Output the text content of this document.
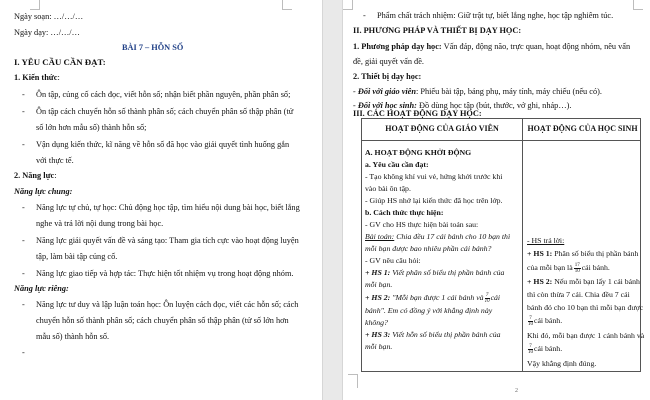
Ngày soạn: …/…/…
Ngày dạy: …/…/…
BÀI 7 – HỖN SỐ
I. YÊU CẦU CẦN ĐẠT:
1. Kiến thức:
- Ôn tập, củng cố cách đọc, viết hỗn số; nhận biết phần nguyên, phần phân số;
- Ôn tập cách chuyển hỗn số thành phân số; cách chuyển phân số thập phân (tử
số lớn hơn mẫu số) thành hỗn số;
- Vận dụng kiến thức, kĩ năng về hỗn số đã học vào giải quyết tình huống gắn
với thực tế.
2. Năng lực:
Năng lực chung:
- Năng lực tự chủ, tự học: Chủ động học tập, tìm hiểu nội dung bài học, biết lắng
nghe và trả lời nội dung trong bài học.
- Năng lực giải quyết vấn đề và sáng tạo: Tham gia tích cực vào hoạt động luyện
tập, làm bài tập củng cố.
- Năng lực giao tiếp và hợp tác: Thực hiện tốt nhiệm vụ trong hoạt động nhóm.
Năng lực riêng:
- Năng lực tư duy và lập luận toán học: Ôn luyện cách đọc, viết các hỗn số; cách
chuyển hỗn số thành phân số; cách chuyển phân số thập phân (tử số lớn hơn
mẫu số) thành hỗn số.
- Phẩm chất trách nhiệm: Giữ trật tự, biết lắng nghe, học tập nghiêm túc.
II. PHƯƠNG PHÁP VÀ THIẾT BỊ DẠY HỌC:
1. Phương pháp dạy học: Vấn đáp, động não, trực quan, hoạt động nhóm, nêu vấn
đề, giải quyết vấn đề.
2. Thiết bị dạy học:
- Đối với giáo viên: Phiếu bài tập, bảng phụ, máy tính, máy chiếu (nếu có).
- Đối với học sinh: Đồ dùng học tập (bút, thước, vở ghi, nháp…).
III. CÁC HOẠT ĐỘNG DẠY HỌC:
HOẠT ĐỘNG CỦA GIÁO VIÊN	HOẠT ĐỘNG CỦA HỌC SINH
A. HOẠT ĐỘNG KHỞI ĐỘNG
a. Yêu cầu cần đạt:
- Tạo không khí vui vẻ, hứng khởi trước khi
vào bài ôn tập.
- Giúp HS nhớ lại kiến thức đã học trên lớp.
b. Cách thức thực hiện:
- GV cho HS thực hiện bài toán sau:
Bài toán: Chia đều 17 cái bánh cho 10 bạn thì
mỗi bạn được bao nhiêu phần cái bánh?
- GV nêu câu hỏi:
+ HS 1: Viết phân số biểu thị phần bánh của
mỗi bạn.
+ HS 2: "Mỗi bạn được 1 cái bánh và $\frac{7}{10}$ cái
bánh". Em có đồng ý với khẳng định này
không?
+ HS 3: Viết hỗn số biểu thị phần bánh của
mỗi bạn.
- HS trả lời:
+ HS 1: Phân số biểu thị phần bánh
của mỗi bạn là $\frac{17}{10}$ cái bánh.
+ HS 2: Nếu mỗi bạn lấy 1 cái bánh
thì còn thừa 7 cái. Chia đều 7 cái
bánh đó cho 10 bạn thì mỗi bạn được
$\frac{7}{10}$ cái bánh.
Khi đó, mỗi bạn được 1 cánh bánh và
$\frac{7}{10}$ cái bánh.
Vậy khẳng định đúng.
2
-
